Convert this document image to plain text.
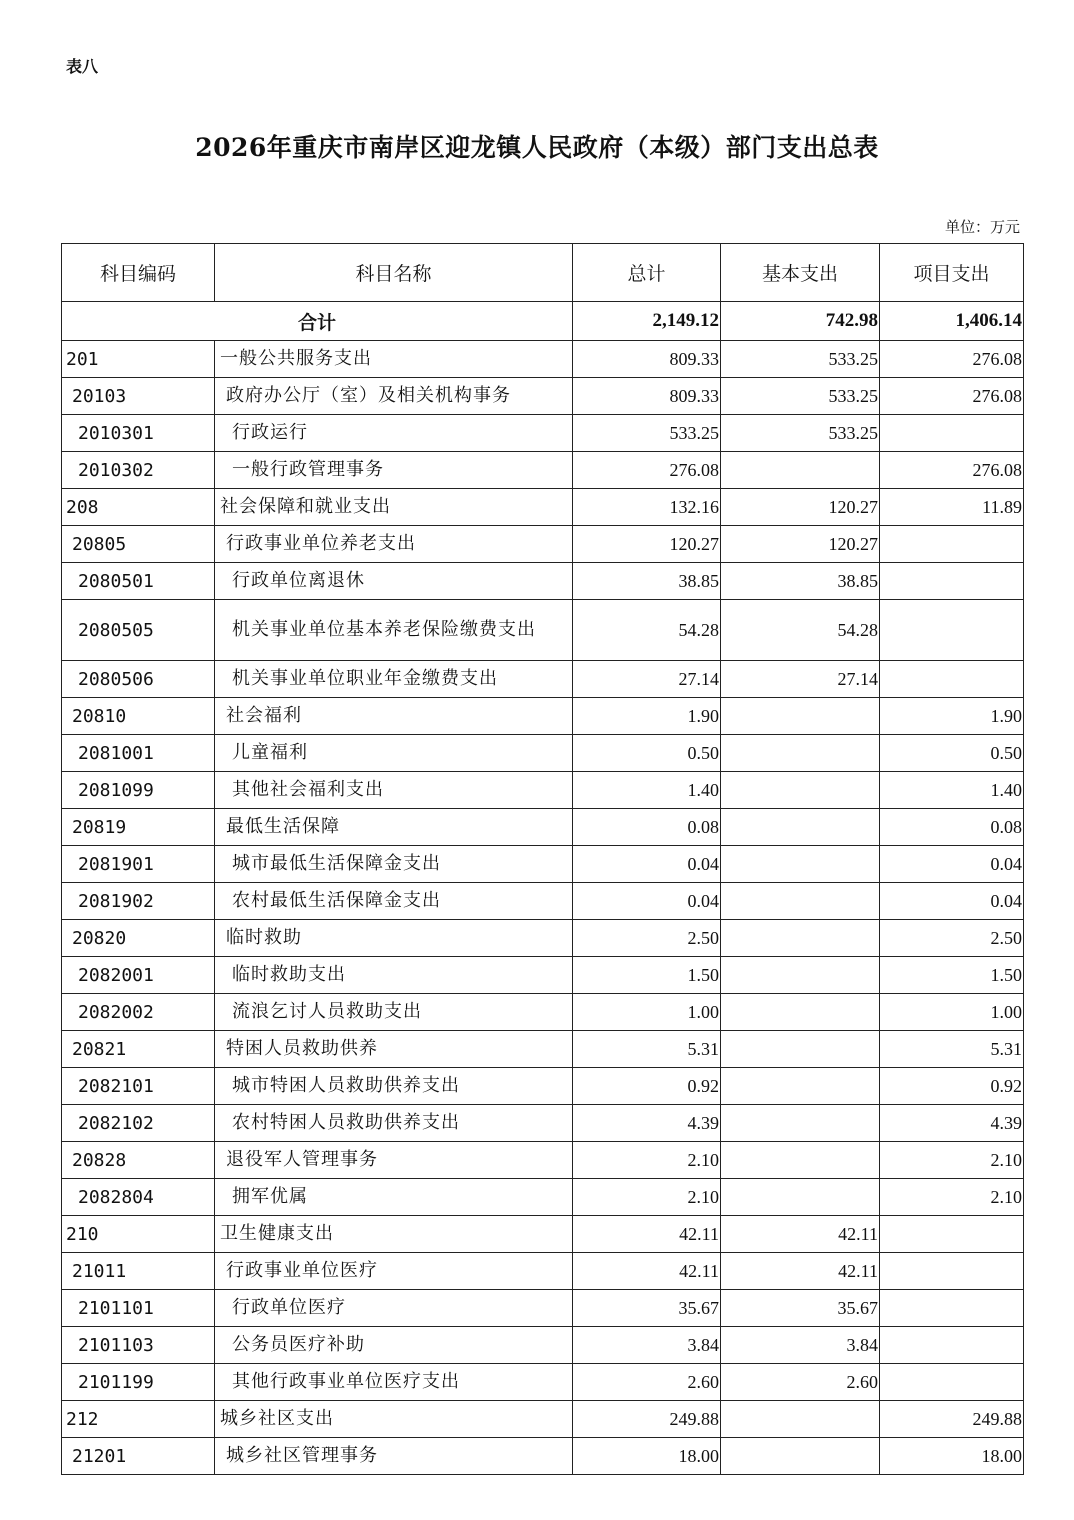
表八
2026年重庆市南岸区迎龙镇人民政府（本级）部门支出总表
单位：万元
科目编码	科目名称	总计	基本支出	项目支出
合计		2,149.12	742.98	1,406.14
201	一般公共服务支出	809.33	533.25	276.08
20103	政府办公厅（室）及相关机构事务	809.33	533.25	276.08
2010301	行政运行	533.25	533.25	
2010302	一般行政管理事务	276.08		276.08
208	社会保障和就业支出	132.16	120.27	11.89
20805	行政事业单位养老支出	120.27	120.27	
2080501	行政单位离退休	38.85	38.85	
2080505	机关事业单位基本养老保险缴费支出	54.28	54.28	
2080506	机关事业单位职业年金缴费支出	27.14	27.14	
20810	社会福利	1.90		1.90
2081001	儿童福利	0.50		0.50
2081099	其他社会福利支出	1.40		1.40
20819	最低生活保障	0.08		0.08
2081901	城市最低生活保障金支出	0.04		0.04
2081902	农村最低生活保障金支出	0.04		0.04
20820	临时救助	2.50		2.50
2082001	临时救助支出	1.50		1.50
2082002	流浪乞讨人员救助支出	1.00		1.00
20821	特困人员救助供养	5.31		5.31
2082101	城市特困人员救助供养支出	0.92		0.92
2082102	农村特困人员救助供养支出	4.39		4.39
20828	退役军人管理事务	2.10		2.10
2082804	拥军优属	2.10		2.10
210	卫生健康支出	42.11	42.11	
21011	行政事业单位医疗	42.11	42.11	
2101101	行政单位医疗	35.67	35.67	
2101103	公务员医疗补助	3.84	3.84	
2101199	其他行政事业单位医疗支出	2.60	2.60	
212	城乡社区支出	249.88		249.88
21201	城乡社区管理事务	18.00		18.00
